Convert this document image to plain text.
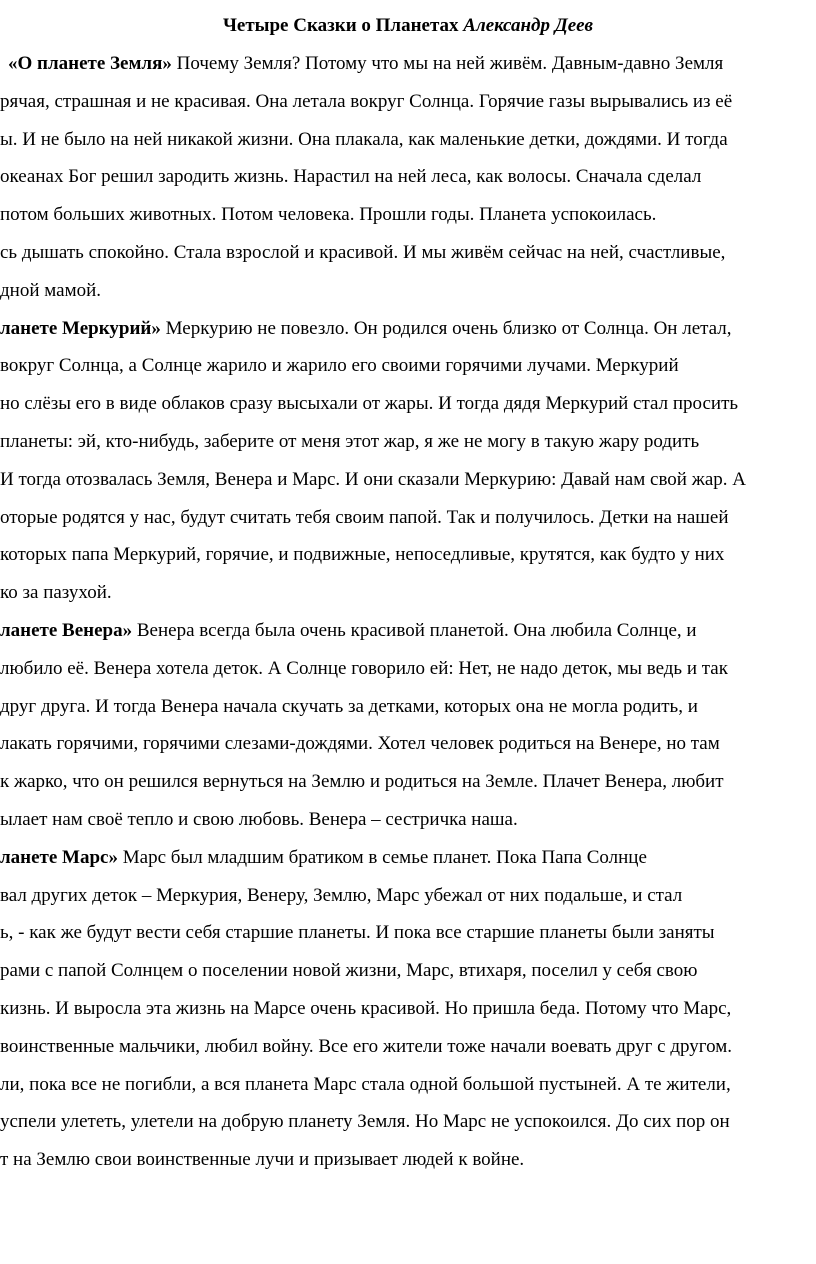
Четыре Сказки о Планетах Александр Деев
«О планете Земля» Почему Земля? Потому что мы на ней живём. Давным-давно Земля
рячая, страшная и не красивая. Она летала вокруг Солнца. Горячие газы вырывались из её
ы. И не было на ней никакой жизни. Она плакала, как маленькие детки, дождями. И тогда
океанах Бог решил зародить жизнь. Нарастил на ней леса, как волосы. Сначала сделал
потом больших животных. Потом человека. Прошли годы. Планета успокоилась.
сь дышать спокойно. Стала взрослой и красивой. И мы живём сейчас на ней, счастливые,
дной мамой.
ланете Меркурий» Меркурию не повезло. Он родился очень близко от Солнца. Он летал,
вокруг Солнца, а Солнце жарило и жарило его своими горячими лучами. Меркурий
но слёзы его в виде облаков сразу высыхали от жары. И тогда дядя Меркурий стал просить
планеты: эй, кто-нибудь, заберите от меня этот жар, я же не могу в такую жару родить
И тогда отозвалась Земля, Венера и Марс. И они сказали Меркурию: Давай нам свой жар. А
оторые родятся у нас, будут считать тебя своим папой. Так и получилось. Детки на нашей
которых папа Меркурий, горячие, и подвижные, непоседливые, крутятся, как будто у них
ко за пазухой.
ланете Венера» Венера всегда была очень красивой планетой. Она любила Солнце, и
любило её. Венера хотела деток. А Солнце говорило ей: Нет, не надо деток, мы ведь и так
друг друга. И тогда Венера начала скучать за детками, которых она не могла родить, и
лакать горячими, горячими слезами-дождями. Хотел человек родиться на Венере, но там
к жарко, что он решился вернуться на Землю и родиться на Земле. Плачет Венера, любит
ылает нам своё тепло и свою любовь. Венера – сестричка наша.
ланете Марс» Марс был младшим братиком в семье планет. Пока Папа Солнце
вал других деток – Меркурия, Венеру, Землю, Марс убежал от них подальше, и стал
ь, - как же будут вести себя старшие планеты. И пока все старшие планеты были заняты
рами с папой Солнцем о поселении новой жизни, Марс, втихаря, поселил у себя свою
кизнь. И выросла эта жизнь на Марсе очень красивой. Но пришла беда. Потому что Марс,
воинственные мальчики, любил войну. Все его жители тоже начали воевать друг с другом.
ли, пока все не погибли, а вся планета Марс стала одной большой пустыней. А те жители,
успели улететь, улетели на добрую планету Земля. Но Марс не успокоился. До сих пор он
т на Землю свои воинственные лучи и призывает людей к войне.
